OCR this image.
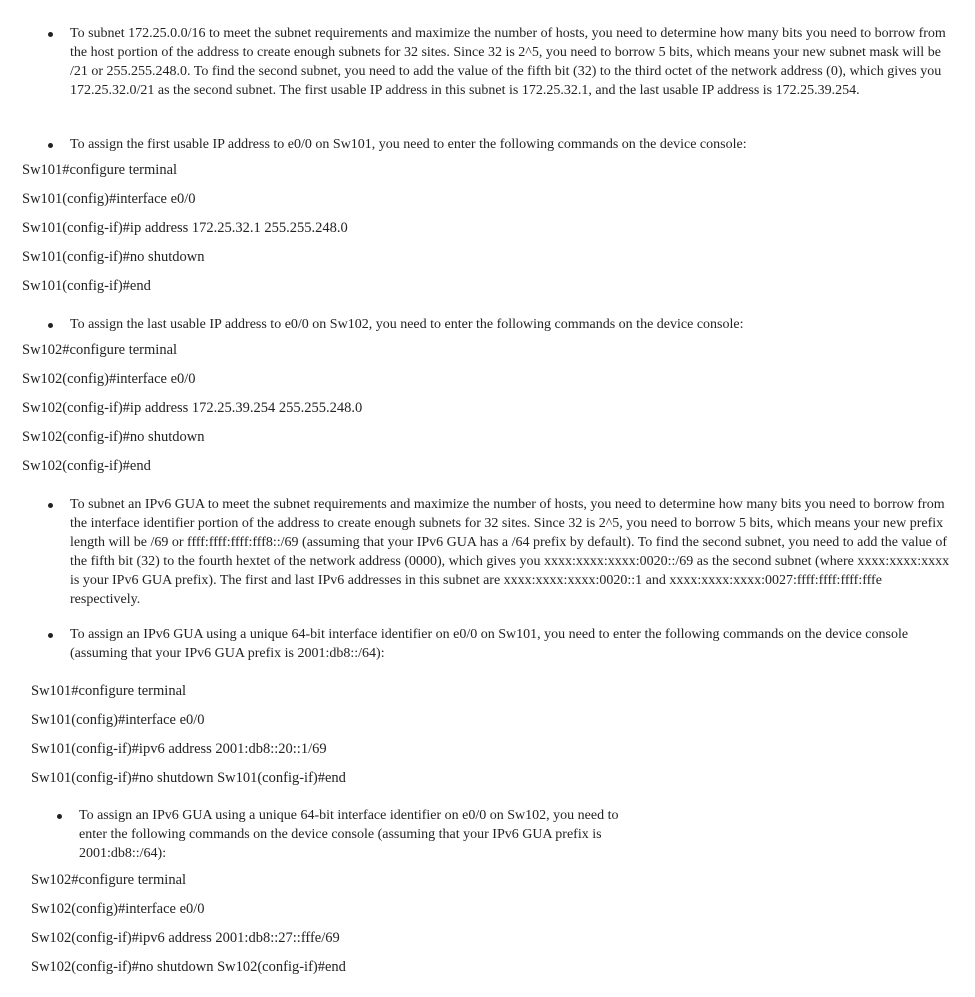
To subnet 172.25.0.0/16 to meet the subnet requirements and maximize the number of hosts, you need to determine how many bits you need to borrow from the host portion of the address to create enough subnets for 32 sites. Since 32 is 2^5, you need to borrow 5 bits, which means your new subnet mask will be /21 or 255.255.248.0. To find the second subnet, you need to add the value of the fifth bit (32) to the third octet of the network address (0), which gives you 172.25.32.0/21 as the second subnet. The first usable IP address in this subnet is 172.25.32.1, and the last usable IP address is 172.25.39.254.

To assign the first usable IP address to e0/0 on Sw101, you need to enter the following commands on the device console:

Sw101#configure terminal
Sw101(config)#interface e0/0
Sw101(config-if)#ip address 172.25.32.1 255.255.248.0
Sw101(config-if)#no shutdown
Sw101(config-if)#end

To assign the last usable IP address to e0/0 on Sw102, you need to enter the following commands on the device console:

Sw102#configure terminal
Sw102(config)#interface e0/0
Sw102(config-if)#ip address 172.25.39.254 255.255.248.0
Sw102(config-if)#no shutdown
Sw102(config-if)#end

To subnet an IPv6 GUA to meet the subnet requirements and maximize the number of hosts, you need to determine how many bits you need to borrow from the interface identifier portion of the address to create enough subnets for 32 sites. Since 32 is 2^5, you need to borrow 5 bits, which means your new prefix length will be /69 or ffff:ffff:ffff:fff8::/69 (assuming that your IPv6 GUA has a /64 prefix by default). To find the second subnet, you need to add the value of the fifth bit (32) to the fourth hextet of the network address (0000), which gives you xxxx:xxxx:xxxx:0020::/69 as the second subnet (where xxxx:xxxx:xxxx is your IPv6 GUA prefix). The first and last IPv6 addresses in this subnet are xxxx:xxxx:xxxx:0020::1 and xxxx:xxxx:xxxx:0027:ffff:ffff:ffff:fffe respectively.

To assign an IPv6 GUA using a unique 64-bit interface identifier on e0/0 on Sw101, you need to enter the following commands on the device console (assuming that your IPv6 GUA prefix is 2001:db8::/64):

Sw101#configure terminal
Sw101(config)#interface e0/0
Sw101(config-if)#ipv6 address 2001:db8::20::1/69
Sw101(config-if)#no shutdown Sw101(config-if)#end

To assign an IPv6 GUA using a unique 64-bit interface identifier on e0/0 on Sw102, you need to enter the following commands on the device console (assuming that your IPv6 GUA prefix is 2001:db8::/64):

Sw102#configure terminal
Sw102(config)#interface e0/0
Sw102(config-if)#ipv6 address 2001:db8::27::fffe/69
Sw102(config-if)#no shutdown Sw102(config-if)#end
